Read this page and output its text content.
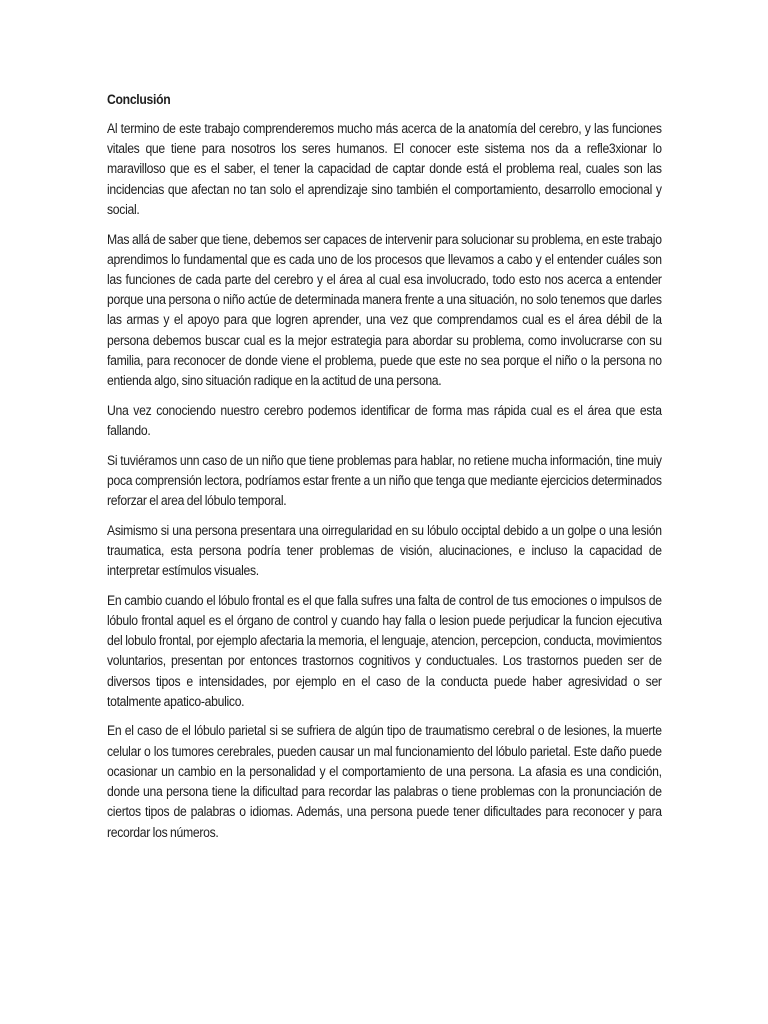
Conclusión

Al termino de este trabajo comprenderemos mucho más acerca de la anatomía del cerebro, y las funciones vitales que tiene para nosotros los seres humanos. El conocer este sistema nos da a refle3xionar lo maravilloso que es el saber, el tener la capacidad de captar donde está el problema real, cuales son las incidencias que afectan no tan solo el aprendizaje sino también el comportamiento, desarrollo emocional y social.

Mas allá de saber que tiene, debemos ser capaces de intervenir para solucionar su problema, en este trabajo aprendimos lo fundamental que es cada uno de los procesos que llevamos a cabo y el entender cuáles son las funciones de cada parte del cerebro y el área al cual esa involucrado, todo esto nos acerca a entender porque una persona o niño actúe de determinada manera frente a una situación, no solo tenemos que darles las armas y el apoyo para que logren aprender, una vez que comprendamos cual es el área débil de la persona debemos buscar cual es la mejor estrategia para abordar su problema, como involucrarse con su familia, para reconocer de donde viene el problema, puede que este no sea porque el niño o la persona no entienda algo, sino situación radique en la actitud de una persona.

Una vez conociendo nuestro cerebro podemos identificar de forma mas rápida cual es el área que esta fallando.

Si tuviéramos unn caso de un niño que tiene problemas para hablar, no retiene mucha información, tine muiy poca comprensión lectora, podríamos estar frente a un niño que tenga que mediante ejercicios determinados reforzar el area del lóbulo temporal.

Asimismo si una persona presentara una oirregularidad en su lóbulo occiptal debido a un golpe o una lesión traumatica, esta persona podría tener problemas de visión, alucinaciones, e incluso la capacidad de interpretar estímulos visuales.

En cambio cuando el lóbulo frontal es el que falla sufres una falta de control de tus emociones o impulsos de lóbulo frontal aquel es el órgano de control y cuando hay falla o lesion puede perjudicar la funcion ejecutiva del lobulo frontal, por ejemplo afectaria la memoria, el lenguaje, atencion, percepcion, conducta, movimientos voluntarios, presentan por entonces trastornos cognitivos y conductuales. Los trastornos pueden ser de diversos tipos e intensidades, por ejemplo en el caso de la conducta puede haber agresividad o ser totalmente apatico-abulico.

En el caso de el lóbulo parietal si se sufriera de algún tipo de traumatismo cerebral o de lesiones, la muerte celular o los tumores cerebrales, pueden causar un mal funcionamiento del lóbulo parietal. Este daño puede ocasionar un cambio en la personalidad y el comportamiento de una persona. La afasia es una condición, donde una persona tiene la dificultad para recordar las palabras o tiene problemas con la pronunciación de ciertos tipos de palabras o idiomas. Además, una persona puede tener dificultades para reconocer y para recordar los números.
